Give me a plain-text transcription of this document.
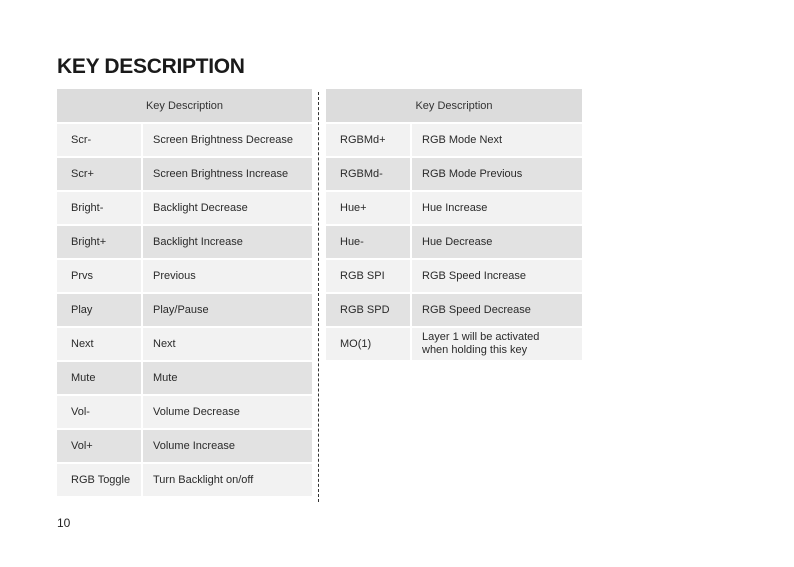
KEY DESCRIPTION
Key Description	
Scr-	Screen Brightness Decrease
Scr+	Screen Brightness Increase
Bright-	Backlight Decrease
Bright+	Backlight Increase
Prvs	Previous
Play	Play/Pause
Next	Next
Mute	Mute
Vol-	Volume Decrease
Vol+	Volume Increase
RGB Toggle	Turn Backlight on/off
Key Description	
RGBMd+	RGB Mode Next
RGBMd-	RGB Mode Previous
Hue+	Hue Increase
Hue-	Hue Decrease
RGB SPI	RGB Speed Increase
RGB SPD	RGB Speed Decrease
MO(1)	Layer 1 will be activated
when holding this key
10
